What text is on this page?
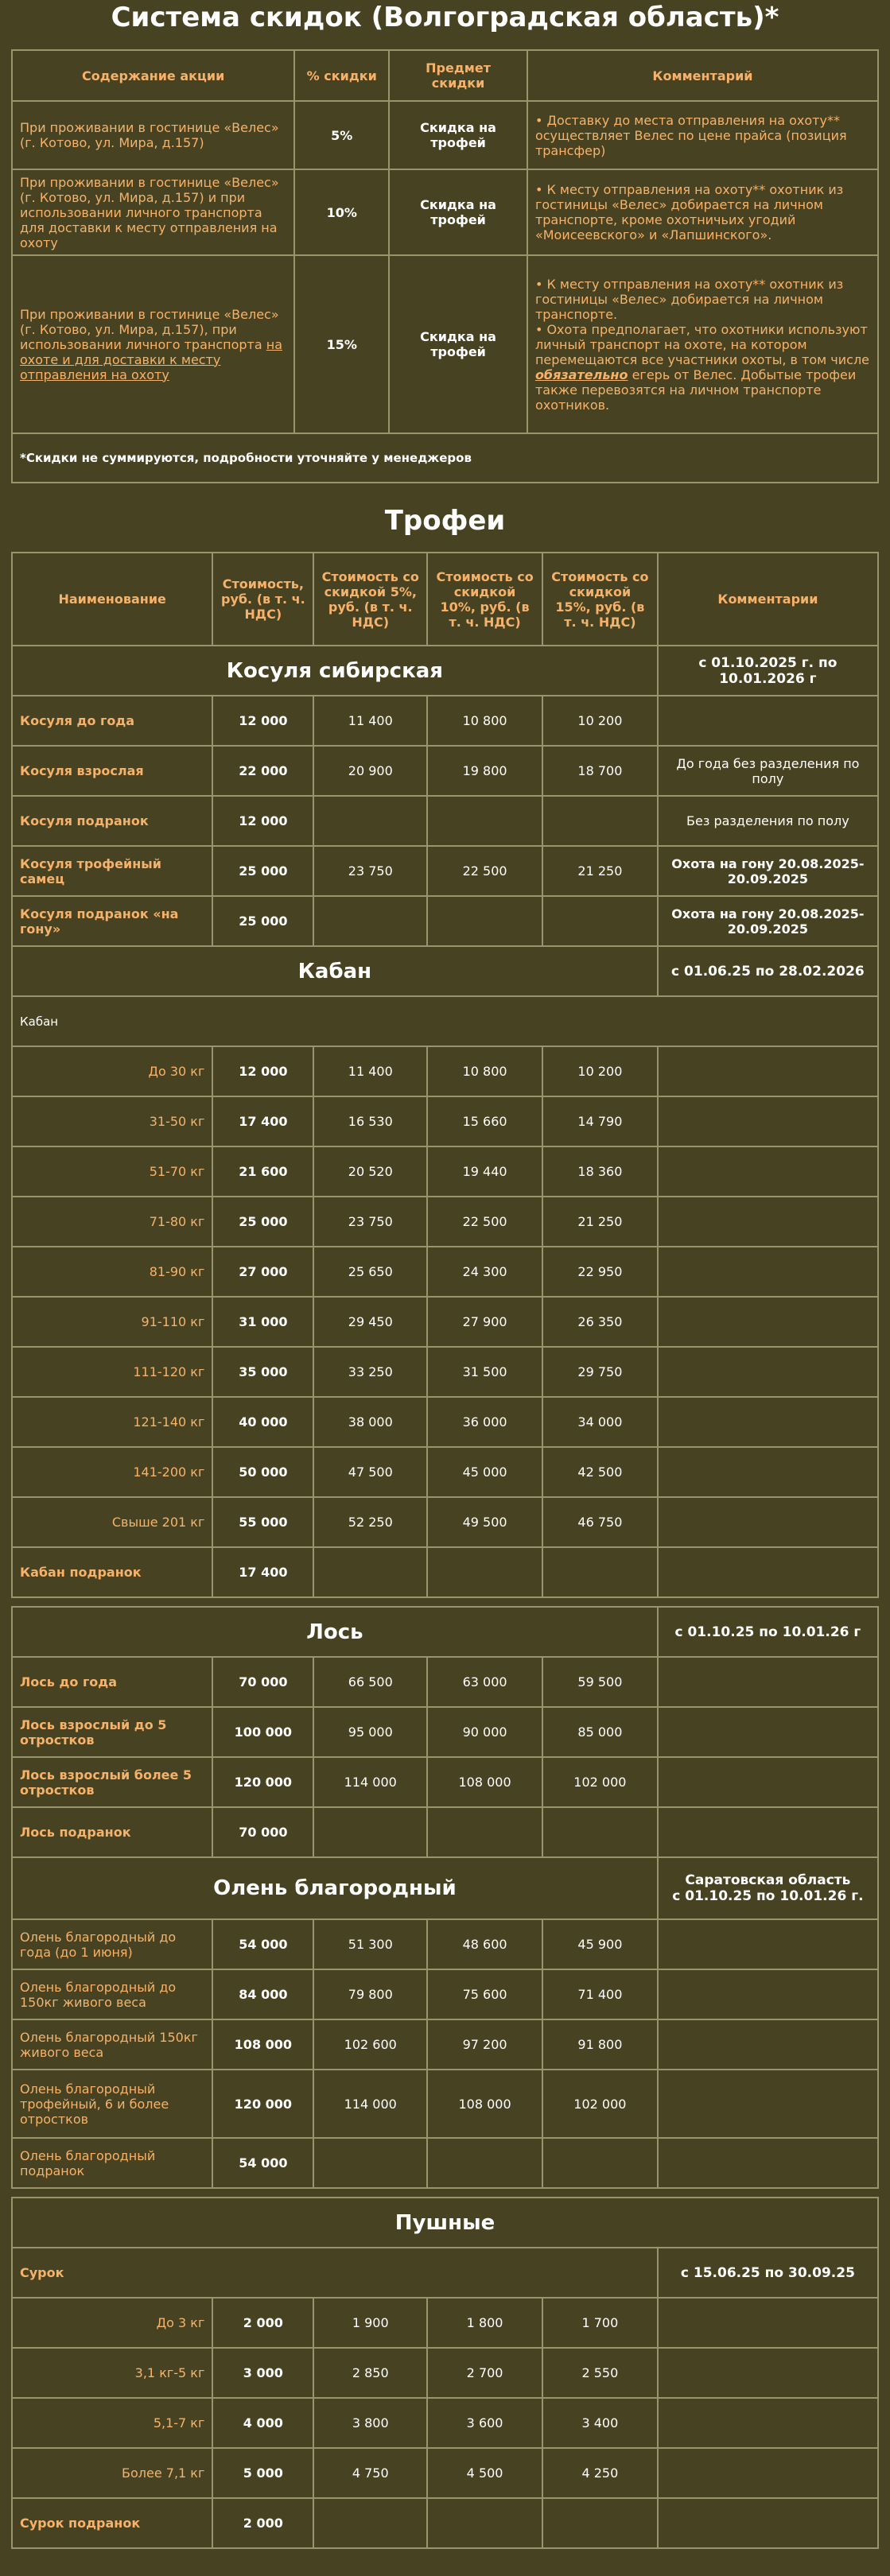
Система скидок (Волгоградская область)*
Содержание акции	% скидки	Предмет скидки	Комментарий
При проживании в гостинице «Велес» (г. Котово, ул. Мира, д.157)	5%	Скидка на трофей	• Доставку до места отправления на охоту** осуществляет Велес по цене прайса (позиция трансфер)
При проживании в гостинице «Велес» (г. Котово, ул. Мира, д.157) и при использовании личного транспорта для доставки к месту отправления на охоту	10%	Скидка на трофей	• К месту отправления на охоту** охотник из гостиницы «Велес» добирается на личном транспорте, кроме охотничьих угодий «Моисеевского» и «Лапшинского».
При проживании в гостинице «Велес» (г. Котово, ул. Мира, д.157), при использовании личного транспорта на охоте и для доставки к месту отправления на охоту	15%	Скидка на трофей	• К месту отправления на охоту** охотник из гостиницы «Велес» добирается на личном транспорте.
• Охота предполагает, что охотники используют личный транспорт нa охоте, на котором перемещаются все участники охоты, в том числе обязательно егерь от Велес. Добытые трофеи также перевозятся на личном транспорте охотников.
*Скидки не суммируются, подробности уточняйте у менеджеров			
Трофеи
Наименование	Стоимость, руб. (в т. ч. НДС)	Стоимость со скидкой 5%, руб. (в т. ч. НДС)	Стоимость со скидкой 10%, руб. (в т. ч. НДС)	Стоимость со скидкой 15%, руб. (в т. ч. НДС)	Комментарии
Косуля сибирская					с 01.10.2025 г. по 10.01.2026 г
Косуля до года	12 000	11 400	10 800	10 200	
Косуля взрослая	22 000	20 900	19 800	18 700	До года без разделения по полу
Косуля подранок	12 000				Без разделения по полу
Косуля трофейный самец	25 000	23 750	22 500	21 250	Охота на гону 20.08.2025-20.09.2025
Косуля подранок «на гону»	25 000				Охота на гону 20.08.2025-20.09.2025
Кабан					с 01.06.25 по 28.02.2026
Кабан					
До 30 кг	12 000	11 400	10 800	10 200	
31-50 кг	17 400	16 530	15 660	14 790	
51-70 кг	21 600	20 520	19 440	18 360	
71-80 кг	25 000	23 750	22 500	21 250	
81-90 кг	27 000	25 650	24 300	22 950	
91-110 кг	31 000	29 450	27 900	26 350	
111-120 кг	35 000	33 250	31 500	29 750	
121-140 кг	40 000	38 000	36 000	34 000	
141-200 кг	50 000	47 500	45 000	42 500	
Свыше 201 кг	55 000	52 250	49 500	46 750	
Кабан подранок	17 400				

Лось					с 01.10.25 по 10.01.26 г
Лось до года	70 000	66 500	63 000	59 500	
Лось взрослый до 5 отростков	100 000	95 000	90 000	85 000	
Лось взрослый более 5 отростков	120 000	114 000	108 000	102 000	
Лось подранок	70 000				
Олень благородный					Саратовская область
с 01.10.25 по 10.01.26 г.
Олень благородный до года (до 1 июня)	54 000	51 300	48 600	45 900	
Олень благородный до 150кг живого веса	84 000	79 800	75 600	71 400	
Олень благородный 150кг живого веса	108 000	102 600	97 200	91 800	
Олень благородный трофейный, 6 и более отростков	120 000	114 000	108 000	102 000	
Олень благородный подранок	54 000				

Пушные					
Сурок					с 15.06.25 по 30.09.25
До 3 кг	2 000	1 900	1 800	1 700	
3,1 кг-5 кг	3 000	2 850	2 700	2 550	
5,1-7 кг	4 000	3 800	3 600	3 400	
Более 7,1 кг	5 000	4 750	4 500	4 250	
Сурок подранок	2 000				
